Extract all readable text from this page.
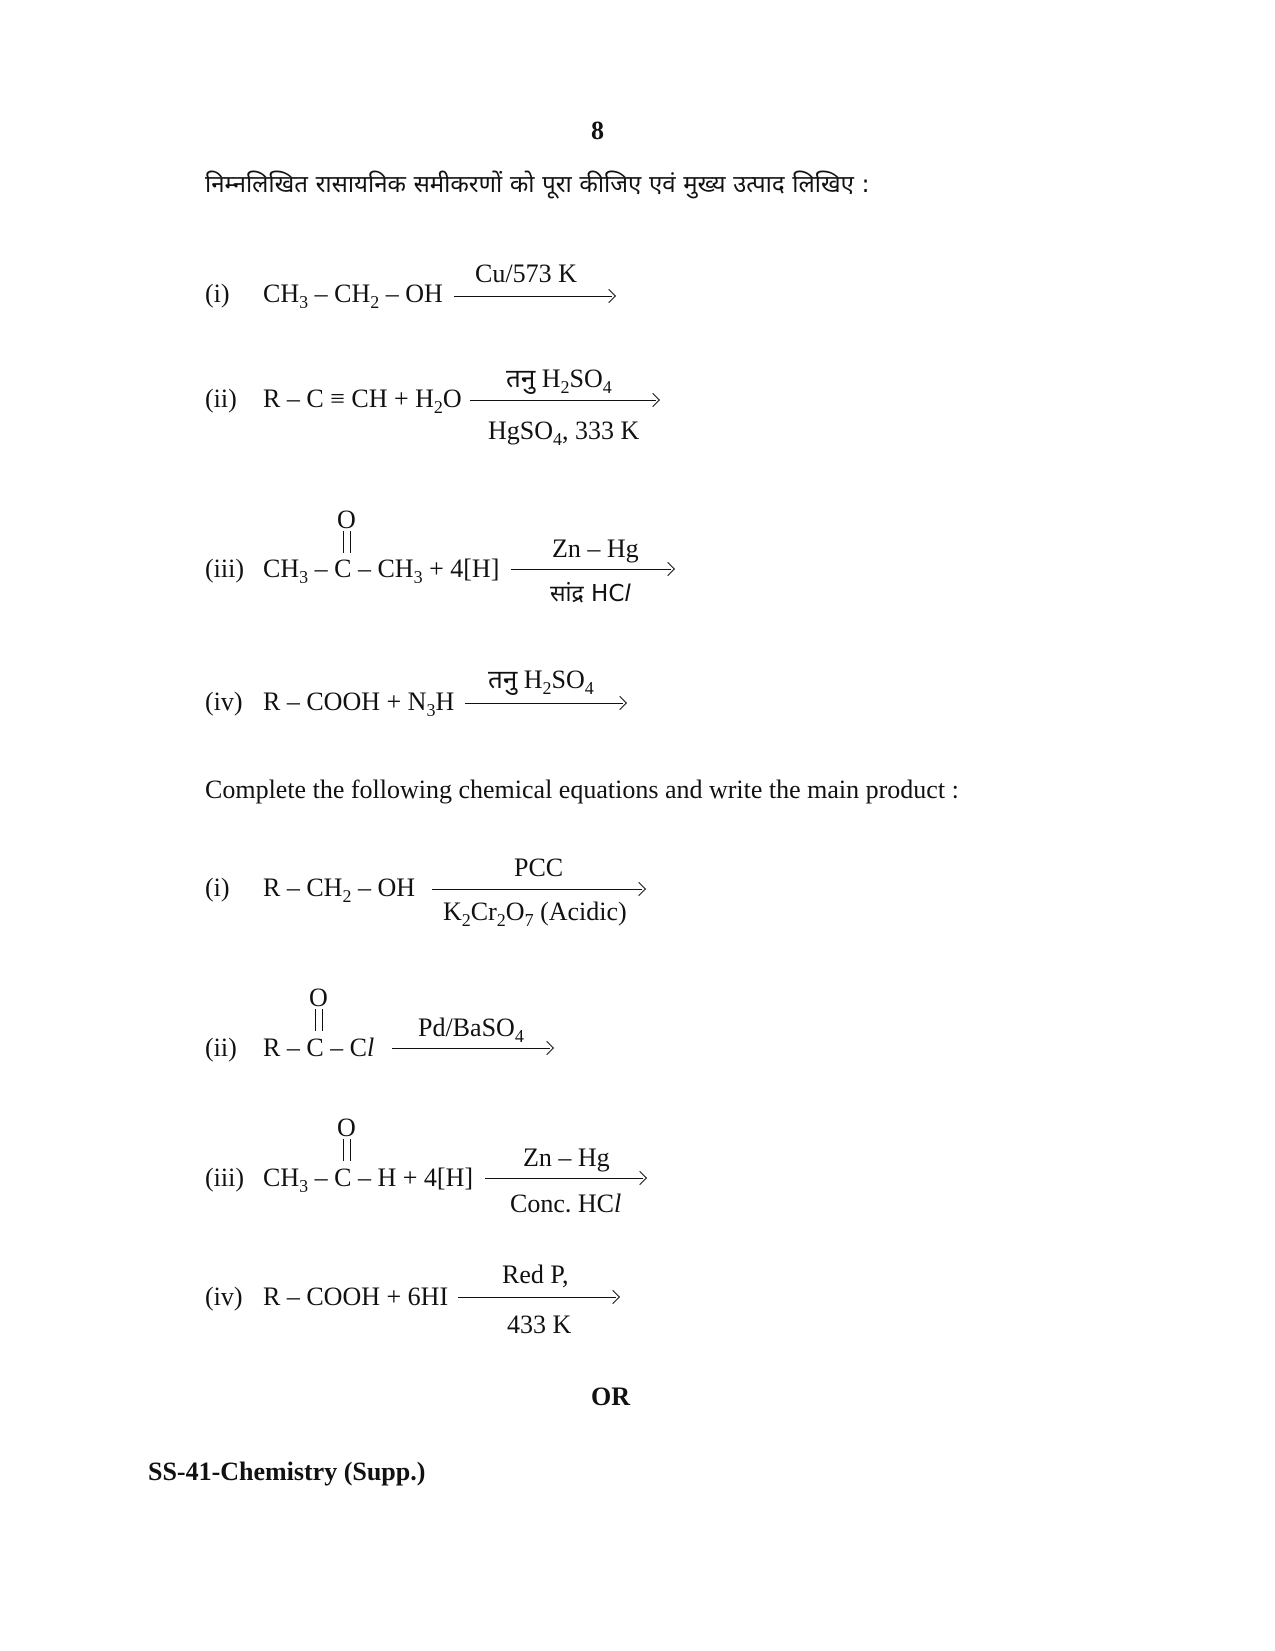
8
निम्नलिखित रासायनिक समीकरणों को पूरा कीजिए एवं मुख्य उत्पाद लिखिए :
(i)	$CH_3 - CH_2$ – OH
Cu/573 K
(ii)	R – C ≡ CH + $H_2O$
तनु $H_2SO_4$
HgSO$_4$, 333 K
O
(iii) $CH_3 - C - CH_3 + 4[H]$
Zn – Hg
सांद्र HCl
(iv) R – COOH + $N_3H$
तनु $H_2SO_4$
Complete the following chemical equations and write the main product :
(i)	R – $CH_2$ – OH
PCC
$K_2Cr_2O_7$ (Acidic)
O
(ii)	R – C – Cl
Pd/BaSO$_4$
O
(iii) $CH_3 - C - H + 4[H]$
Zn – Hg
Conc. HCl
(iv) R – COOH + 6HI
Red P,
433 K
OR
SS-41-Chemistry (Supp.)
